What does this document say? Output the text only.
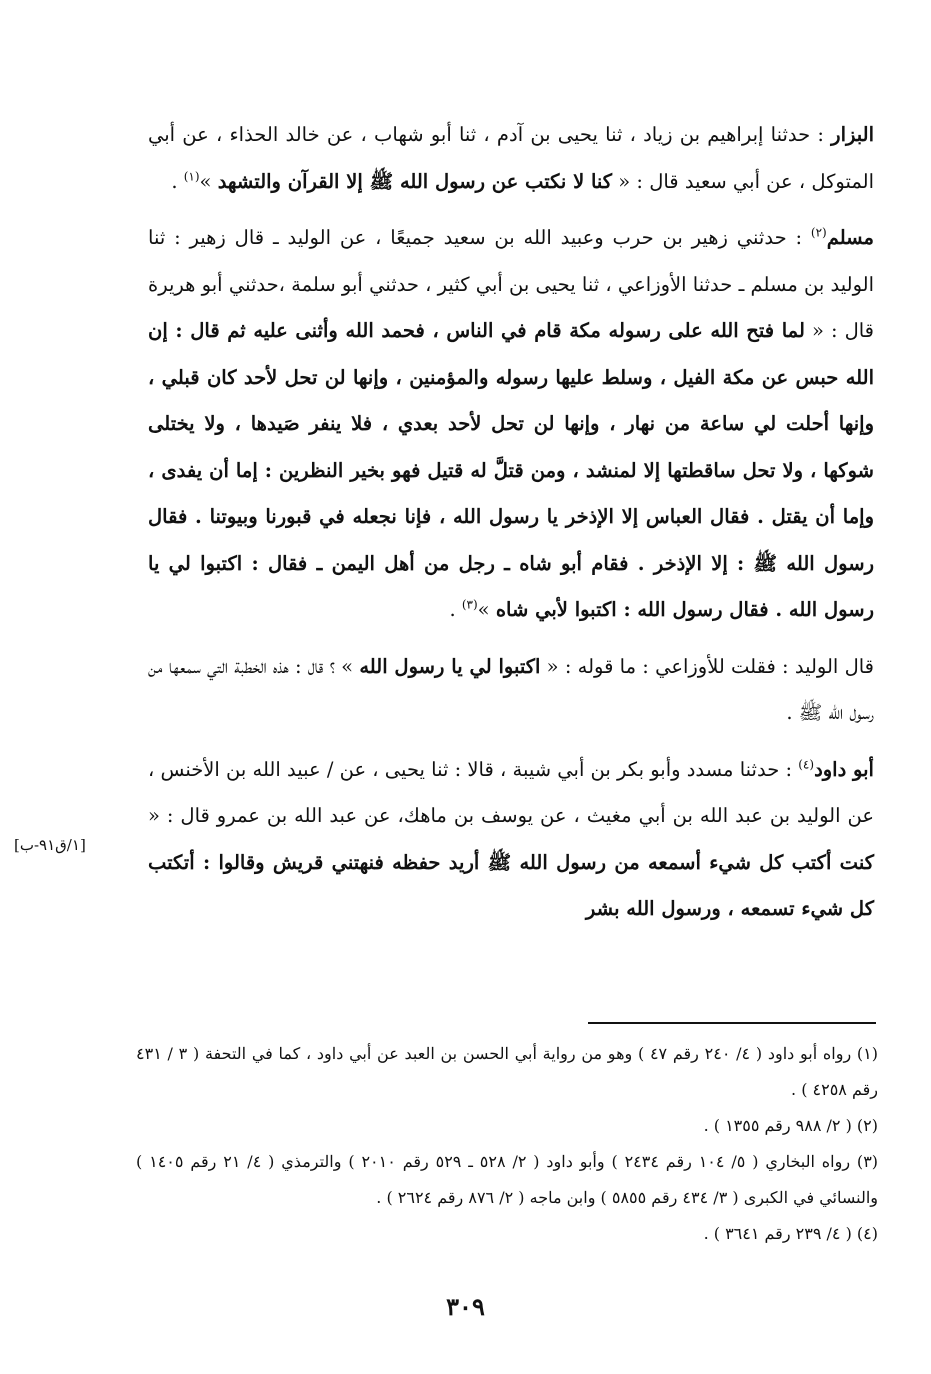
البزار : حدثنا إبراهيم بن زياد ، ثنا يحيى بن آدم ، ثنا أبو شهاب ، عن خالد الحذاء ، عن أبي المتوكل ، عن أبي سعيد قال : « كنا لا نكتب عن رسول الله ﷺ إلا القرآن والتشهد »$^{(١)}$ .

مسلم$^{(٢)}$ : حدثني زهير بن حرب وعبيد الله بن سعيد جميعًا ، عن الوليد ـ قال زهير : ثنا الوليد بن مسلم ـ حدثنا الأوزاعي ، ثنا يحيى بن أبي كثير ، حدثني أبو سلمة ،حدثني أبو هريرة قال : « لما فتح الله على رسوله مكة قام في الناس ، فحمد الله وأثنى عليه ثم قال : إن الله حبس عن مكة الفيل ، وسلط عليها رسوله والمؤمنين ، وإنها لن تحل لأحد كان قبلي ، وإنها أحلت لي ساعة من نهار ، وإنها لن تحل لأحد بعدي ، فلا ينفر صَيدها ، ولا يختلى شوكها ، ولا تحل ساقطتها إلا لمنشد ، ومن قتلَّ له قتيل فهو بخير النظرين : إما أن يفدى ، وإما أن يقتل . فقال العباس إلا الإذخر يا رسول الله ، فإنا نجعله في قبورنا وبيوتنا . فقال رسول الله ﷺ : إلا الإذخر . فقام أبو شاه ـ رجل من أهل اليمن ـ فقال : اكتبوا لي يا رسول الله . فقال رسول الله : اكتبوا لأبي شاه »$^{(٣)}$ .

قال الوليد : فقلت للأوزاعي : ما قوله : « اكتبوا لي يا رسول الله » ؟ قال : هذه الخطبة التي سمعها من رسول الله ﷺ .

أبو داود$^{(٤)}$ : حدثنا مسدد وأبو بكر بن أبي شيبة ، قالا : ثنا يحيى ، عن / عبيد الله بن الأخنس ، عن الوليد بن عبد الله بن أبي مغيث ، عن يوسف بن ماهك، عن عبد الله بن عمرو قال : « كنت أكتب كل شيء أسمعه من رسول الله ﷺ أريد حفظه فنهتني قريش وقالوا : أتكتب كل شيء تسمعه ، ورسول الله بشر

[١/ق٩١-ب]

(١) رواه أبو داود ( ٤/ ٢٤٠ رقم ٤٧ ) وهو من رواية أبي الحسن بن العبد عن أبي داود ، كما في التحفة ( ٣ / ٤٣١ رقم ٤٢٥٨ ) .

(٢) ( ٢/ ٩٨٨ رقم ١٣٥٥ ) .

(٣) رواه البخاري ( ٥/ ١٠٤ رقم ٢٤٣٤ ) وأبو داود ( ٢/ ٥٢٨ ـ ٥٢٩ رقم ٢٠١٠ ) والترمذي ( ٤/ ٢١ رقم ١٤٠٥ ) والنسائي في الكبرى ( ٣/ ٤٣٤ رقم ٥٨٥٥ ) وابن ماجه ( ٢/ ٨٧٦ رقم ٢٦٢٤ ) .

(٤) ( ٤/ ٢٣٩ رقم ٣٦٤١ ) .

٣٠٩
